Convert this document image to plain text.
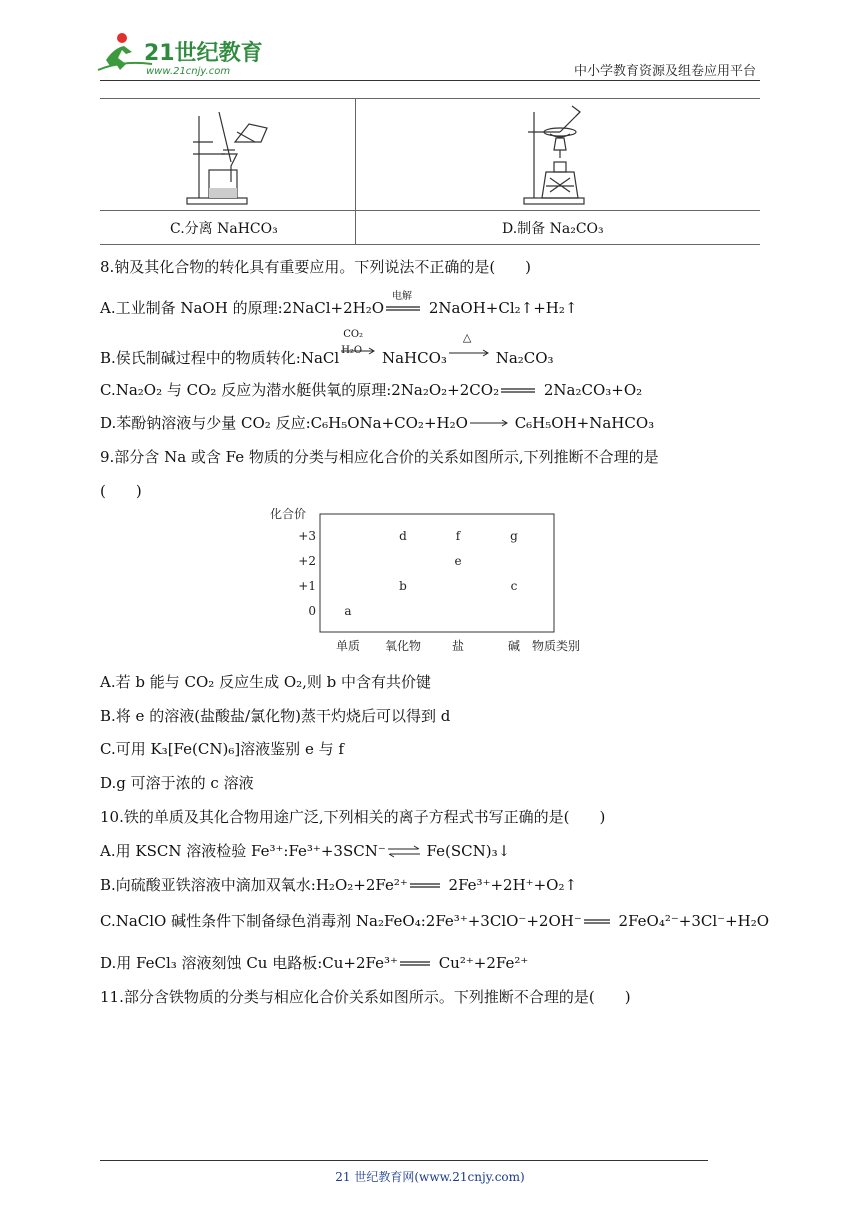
21世纪教育
www.21cnjy.com	中小学教育资源及组卷应用平台
C.分离 NaHCO₃	D.制备 Na₂CO₃
8.钠及其化合物的转化具有重要应用。下列说法不正确的是(　　)
A.工业制备 NaOH 的原理:2NaCl+2H₂O
电解
2NaOH+Cl₂↑+H₂↑
B.侯氏制碱过程中的物质转化:NaCl
CO₂
H₂O NaHCO₃
△
Na₂CO₃
C.Na₂O₂ 与 CO₂ 反应为潜水艇供氧的原理:2Na₂O₂+2CO₂	2Na₂CO₃+O₂
D.苯酚钠溶液与少量 CO₂ 反应:C₆H₅ONa+CO₂+H₂O→ C₆H₅OH+NaHCO₃
9.部分含 Na 或含 Fe 物质的分类与相应化合价的关系如图所示,下列推断不合理的是
(　　)
化合价
物质类别
+3
+2
+1
0
单质 氧化物	盐	碱
a
b
d
e
f
c
g
A.若 b 能与 CO₂ 反应生成 O₂,则 b 中含有共价键
B.将 e 的溶液(盐酸盐/氯化物)蒸干灼烧后可以得到 d
C.可用 K₃[Fe(CN)₆]溶液鉴别 e 与 f
D.g 可溶于浓的 c 溶液
10.铁的单质及其化合物用途广泛,下列相关的离子方程式书写正确的是(　　)
A.用 KSCN 溶液检验 Fe³⁺:Fe³⁺+3SCN⁻⇌ Fe(SCN)₃↓
B.向硫酸亚铁溶液中滴加双氧水:H₂O₂+2Fe²⁺	2Fe³⁺+2H⁺+O₂↑
C.NaClO 碱性条件下制备绿色消毒剂 Na₂FeO₄:2Fe³⁺+3ClO⁻+2OH⁻ 2FeO₄²⁻+3Cl⁻+H₂O
D.用 FeCl₃ 溶液刻蚀 Cu 电路板:Cu+2Fe³⁺	Cu²⁺+2Fe²⁺
11.部分含铁物质的分类与相应化合价关系如图所示。下列推断不合理的是(　　)
21 世纪教育网(www.21cnjy.com)
